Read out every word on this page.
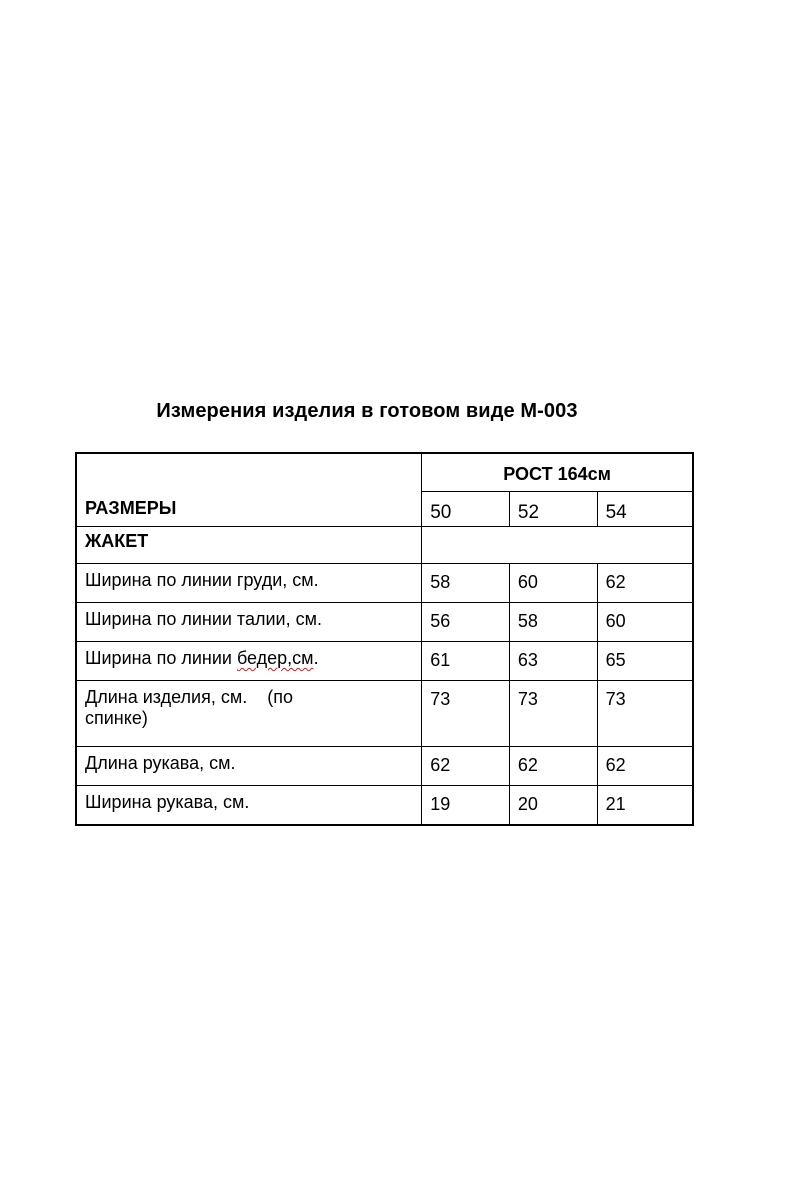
Измерения изделия в готовом виде М-003
РАЗМЕРЫ	РОСТ 164см		
	50	52	54
ЖАКЕТ			
Ширина по линии груди, см.	58	60	62
Ширина по линии талии, см.	56	58	60
Ширина по линии бедер,см.	61	63	65
Длина изделия, см.    (по
спинке)	73	73	73
Длина рукава, см.	62	62	62
Ширина рукава, см.	19	20	21
